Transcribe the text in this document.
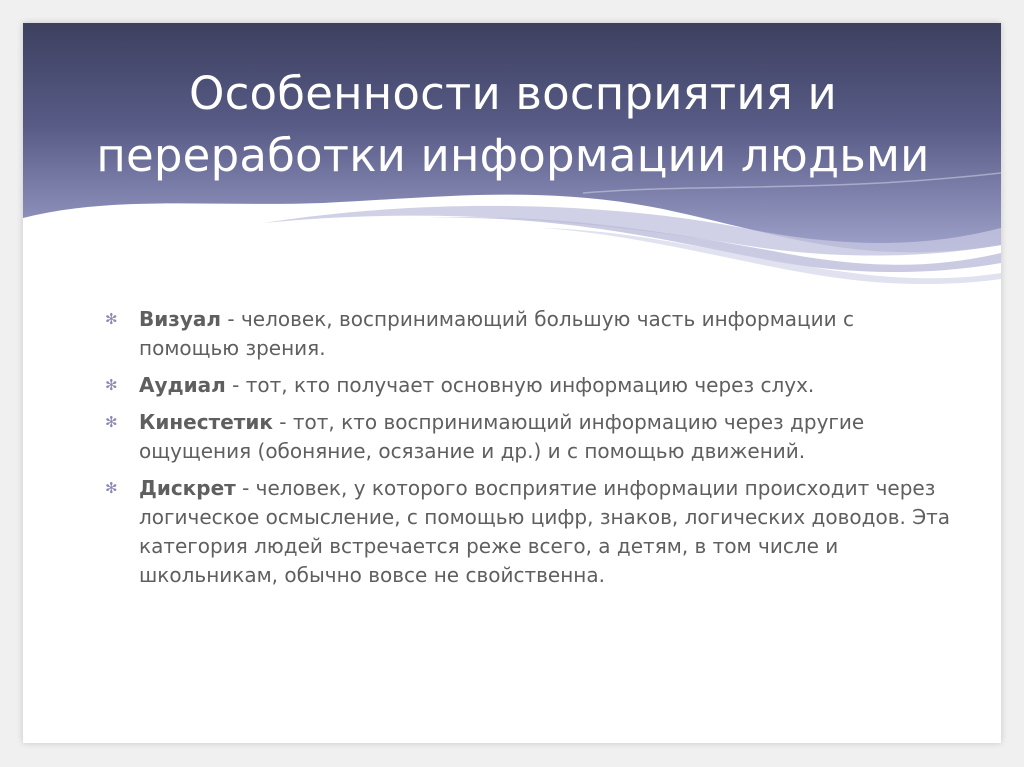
Особенности восприятия и
переработки информации людьми
✻ Визуал - человек, воспринимающий большую часть информации с помощью зрения.
✻ Аудиал - тот, кто получает основную информацию через слух.
✻ Кинестетик - тот, кто воспринимающий информацию через другие ощущения (обоняние, осязание и др.) и с помощью движений.
✻ Дискрет - человек, у которого восприятие информации происходит через логическое осмысление, с помощью цифр, знаков, логических доводов. Эта категория людей встречается реже всего, а детям, в том числе и школьникам, обычно вовсе не свойственна.
